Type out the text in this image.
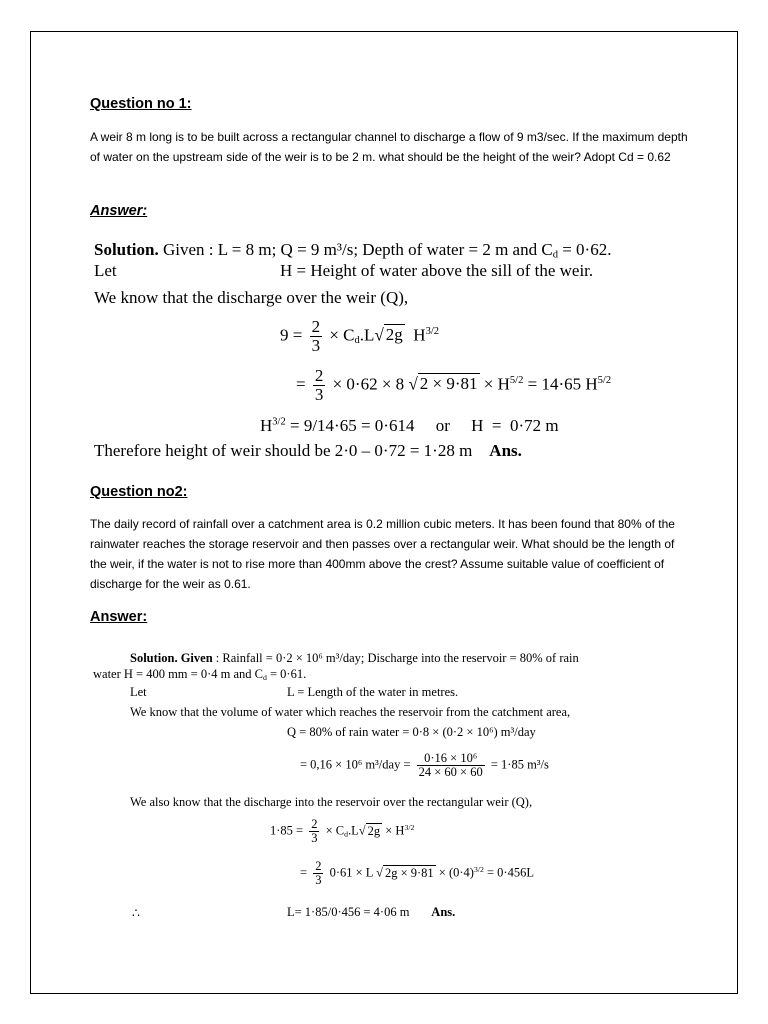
Question no 1:
A weir 8 m long is to be built across a rectangular channel to discharge a flow of 9 m3/sec. If the maximum depth of water on the upstream side of the weir is to be 2 m. what should be the height of the weir? Adopt Cd = 0.62
Answer:
Solution. Given : L = 8 m; Q = 9 m³/s; Depth of water = 2 m and $C_d = 0\cdot 62$.
Let	H = Height of water above the sill of the weir.
We know that the discharge over the weir (Q),
$9 = \frac{2}{3} \times C_d.L√$ 2g $H^{3/2}$
= $\frac{2}{3} \times 0\cdot 62 \times 8$ √ $2 \times 9\cdot 81 \times H^{5/2} = 14\cdot 65$ $H^{5/2}$
$H^{3/2} = 9/14\cdot 65 = 0\cdot 614$     or     H  =  0·72 m
Therefore height of weir should be 2·0 – 0·72 = 1·28 m Ans.
Question no2:
The daily record of rainfall over a catchment area is 0.2 million cubic meters. It has been found that 80% of the rainwater reaches the storage reservoir and then passes over a rectangular weir. What should be the length of the weir, if the water is not to rise more than 400mm above the crest? Assume suitable value of coefficient of discharge for the weir as 0.61.
Answer:
Solution. Given : Rainfall = 0·2 × 10⁶ m³/day; Discharge into the reservoir = 80% of rain
water H = 400 mm = 0·4 m and $C_d = 0\cdot 61$.
Let	L = Length of the water in metres.
We know that the volume of water which reaches the reservoir from the catchment area,
Q = 80% of rain water = 0·8 × (0·2 × 10⁶) m³/day
= 0,16 × 10⁶ $m^3/day = \frac{\text{0·16 × 10⁶}}{24 \times 60 \times 60} = 1\cdot 85$ m³/s
We also know that the discharge into the reservoir over the rectangular weir (Q),
$1\cdot 85 = \frac{2}{3} \times C_d.L√$ $2g \times H^{3/2}$
= $\frac{2}{3} 0\cdot 61 \times L$ √ $2g \times 9\cdot 81 \times (0\cdot 4)^{3/2} = 0\cdot 456L$
∴	L= 1·85/0·456 = 4·06 m Ans.
